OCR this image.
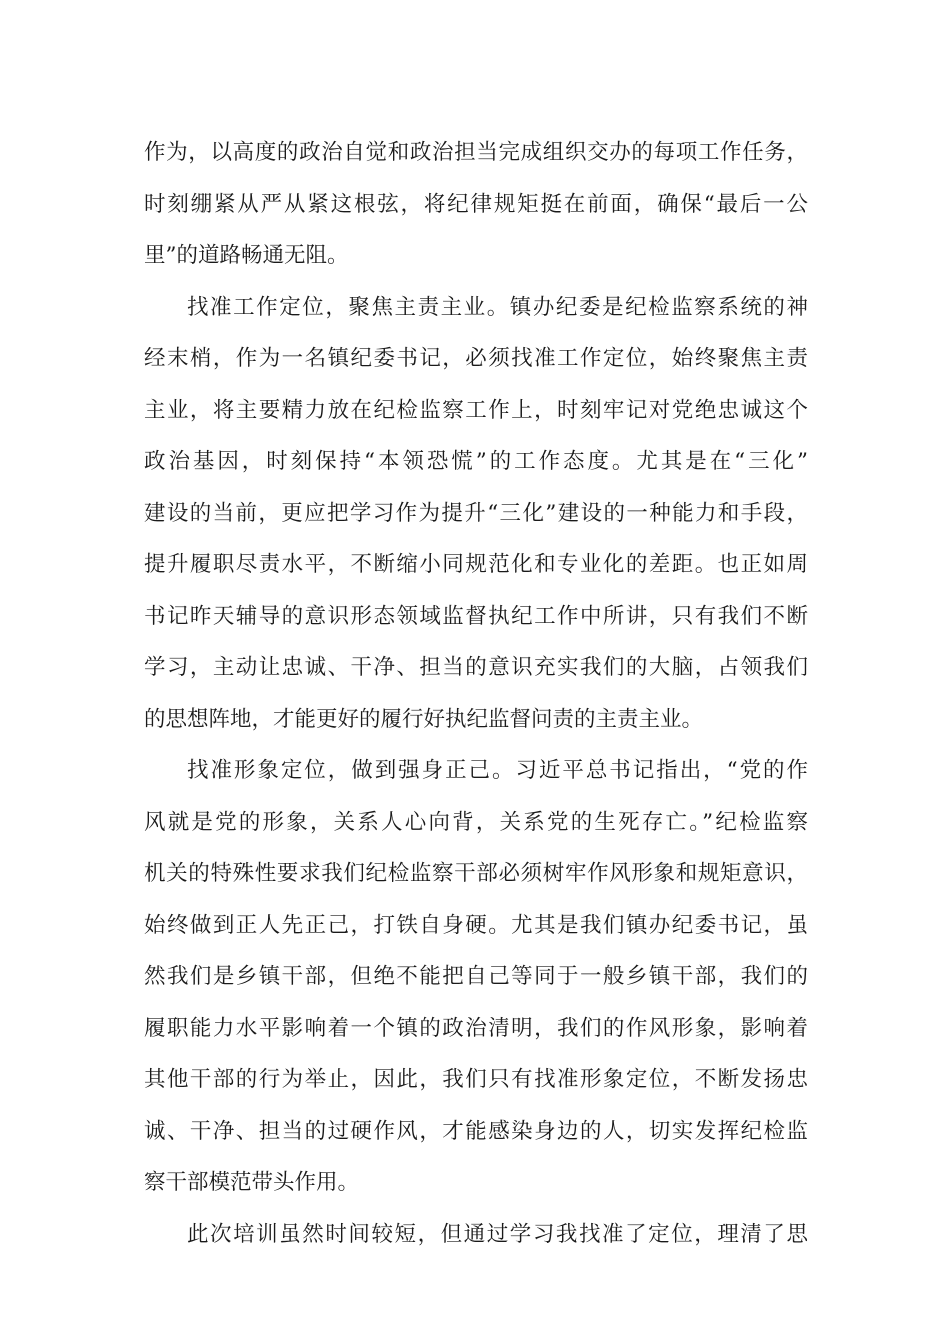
作为，以高度的政治自觉和政治担当完成组织交办的每项工作任务，
时刻绷紧从严从紧这根弦，将纪律规矩挺在前面，确保“最后一公
里”的道路畅通无阻。
找准工作定位，聚焦主责主业。镇办纪委是纪检监察系统的神
经末梢，作为一名镇纪委书记，必须找准工作定位，始终聚焦主责
主业，将主要精力放在纪检监察工作上，时刻牢记对党绝忠诚这个
政治基因，时刻保持“本领恐慌”的工作态度。尤其是在“三化”
建设的当前，更应把学习作为提升“三化”建设的一种能力和手段，
提升履职尽责水平，不断缩小同规范化和专业化的差距。也正如周
书记昨天辅导的意识形态领域监督执纪工作中所讲，只有我们不断
学习，主动让忠诚、干净、担当的意识充实我们的大脑，占领我们
的思想阵地，才能更好的履行好执纪监督问责的主责主业。
找准形象定位，做到强身正己。习近平总书记指出，“党的作
风就是党的形象，关系人心向背，关系党的生死存亡。”纪检监察
机关的特殊性要求我们纪检监察干部必须树牢作风形象和规矩意识，
始终做到正人先正己，打铁自身硬。尤其是我们镇办纪委书记，虽
然我们是乡镇干部，但绝不能把自己等同于一般乡镇干部，我们的
履职能力水平影响着一个镇的政治清明，我们的作风形象，影响着
其他干部的行为举止，因此，我们只有找准形象定位，不断发扬忠
诚、干净、担当的过硬作风，才能感染身边的人，切实发挥纪检监
察干部模范带头作用。
此次培训虽然时间较短，但通过学习我找准了定位，理清了思
